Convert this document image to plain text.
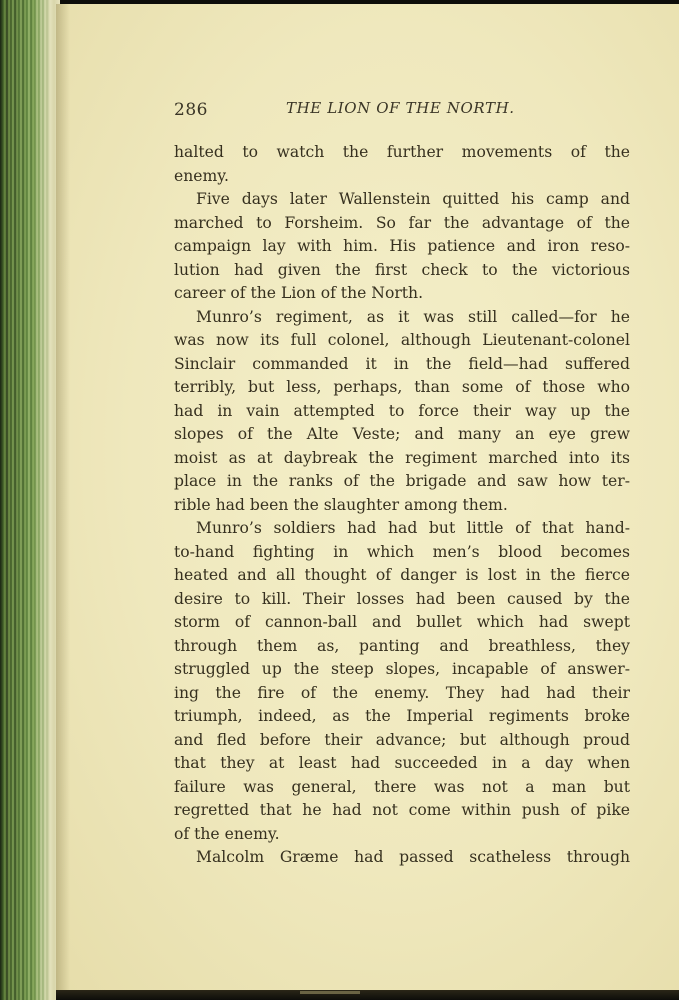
286	THE LION OF THE NORTH.
halted to watch the further movements of the
enemy.
Five days later Wallenstein quitted his camp and
marched to Forsheim. So far the advantage of the
campaign lay with him. His patience and iron reso-
lution had given the first check to the victorious
career of the Lion of the North.
Munro’s regiment, as it was still called—for he
was now its full colonel, although Lieutenant-colonel
Sinclair commanded it in the field—had suffered
terribly, but less, perhaps, than some of those who
had in vain attempted to force their way up the
slopes of the Alte Veste; and many an eye grew
moist as at daybreak the regiment marched into its
place in the ranks of the brigade and saw how ter-
rible had been the slaughter among them.
Munro’s soldiers had had but little of that hand-
to-hand fighting in which men’s blood becomes
heated and all thought of danger is lost in the fierce
desire to kill. Their losses had been caused by the
storm of cannon-ball and bullet which had swept
through them as, panting and breathless, they
struggled up the steep slopes, incapable of answer-
ing the fire of the enemy. They had had their
triumph, indeed, as the Imperial regiments broke
and fled before their advance; but although proud
that they at least had succeeded in a day when
failure was general, there was not a man but
regretted that he had not come within push of pike
of the enemy.
Malcolm Græme had passed scatheless through
